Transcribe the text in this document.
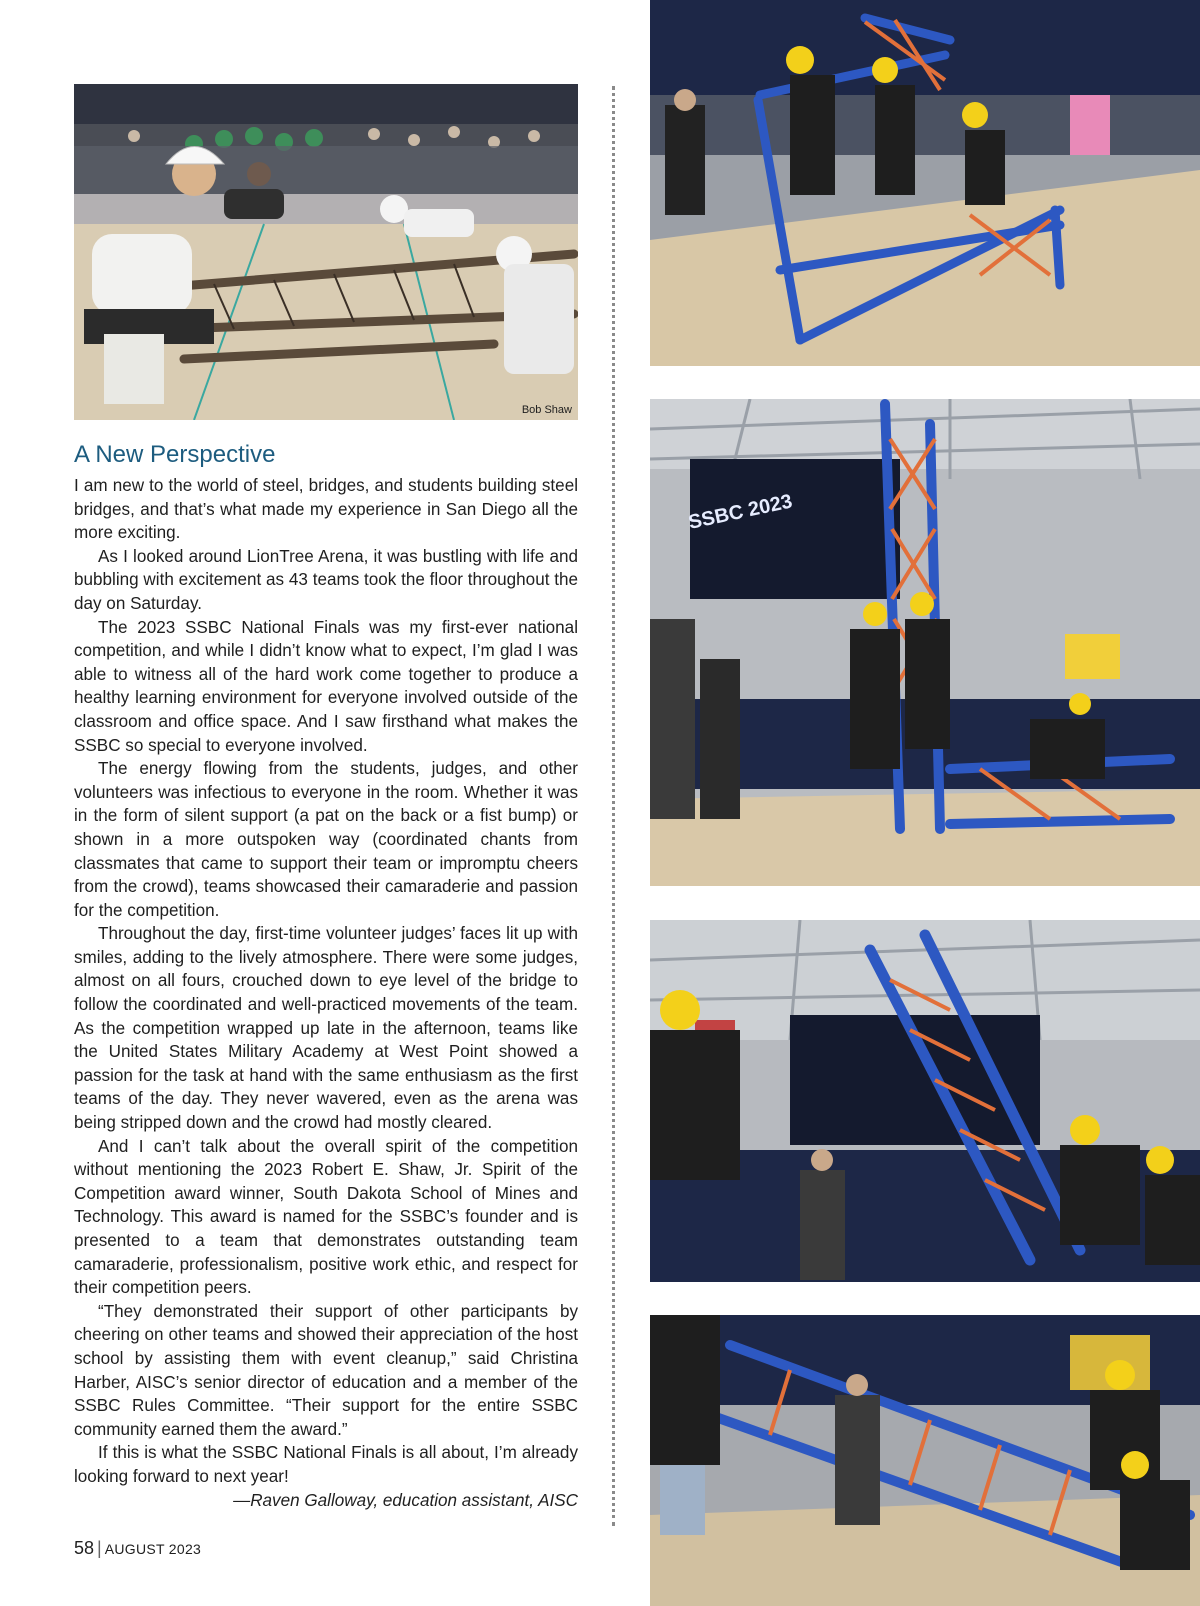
Bob Shaw
A New Perspective

I am new to the world of steel, bridges, and students building steel bridges, and that’s what made my experience in San Diego all the more exciting.

As I looked around LionTree Arena, it was bustling with life and bubbling with excitement as 43 teams took the floor throughout the day on Saturday.

The 2023 SSBC National Finals was my first-ever national competition, and while I didn’t know what to expect, I’m glad I was able to witness all of the hard work come together to produce a healthy learning environment for everyone involved outside of the classroom and office space. And I saw firsthand what makes the SSBC so special to everyone involved.

The energy flowing from the students, judges, and other volunteers was infectious to everyone in the room. Whether it was in the form of silent support (a pat on the back or a fist bump) or shown in a more outspoken way (coordinated chants from classmates that came to support their team or impromptu cheers from the crowd), teams showcased their camaraderie and passion for the competition.

Throughout the day, first-time volunteer judges’ faces lit up with smiles, adding to the lively atmosphere. There were some judges, almost on all fours, crouched down to eye level of the bridge to follow the coordinated and well-practiced movements of the team. As the competition wrapped up late in the afternoon, teams like the United States Military Academy at West Point showed a passion for the task at hand with the same enthusiasm as the first teams of the day. They never wavered, even as the arena was being stripped down and the crowd had mostly cleared.

And I can’t talk about the overall spirit of the competition without mentioning the 2023 Robert E. Shaw, Jr. Spirit of the Competition award winner, South Dakota School of Mines and Technology. This award is named for the SSBC’s founder and is presented to a team that demonstrates outstanding team camaraderie, professionalism, positive work ethic, and respect for their competition peers.

“They demonstrated their support of other participants by cheering on other teams and showed their appreciation of the host school by assisting them with event cleanup,” said Christina Harber, AISC’s senior director of education and a member of the SSBC Rules Committee. “Their support for the entire SSBC community earned them the award.”

If this is what the SSBC National Finals is all about, I’m already looking forward to next year!

—Raven Galloway, education assistant, AISC

58 | AUGUST 2023
SSBC 2023
